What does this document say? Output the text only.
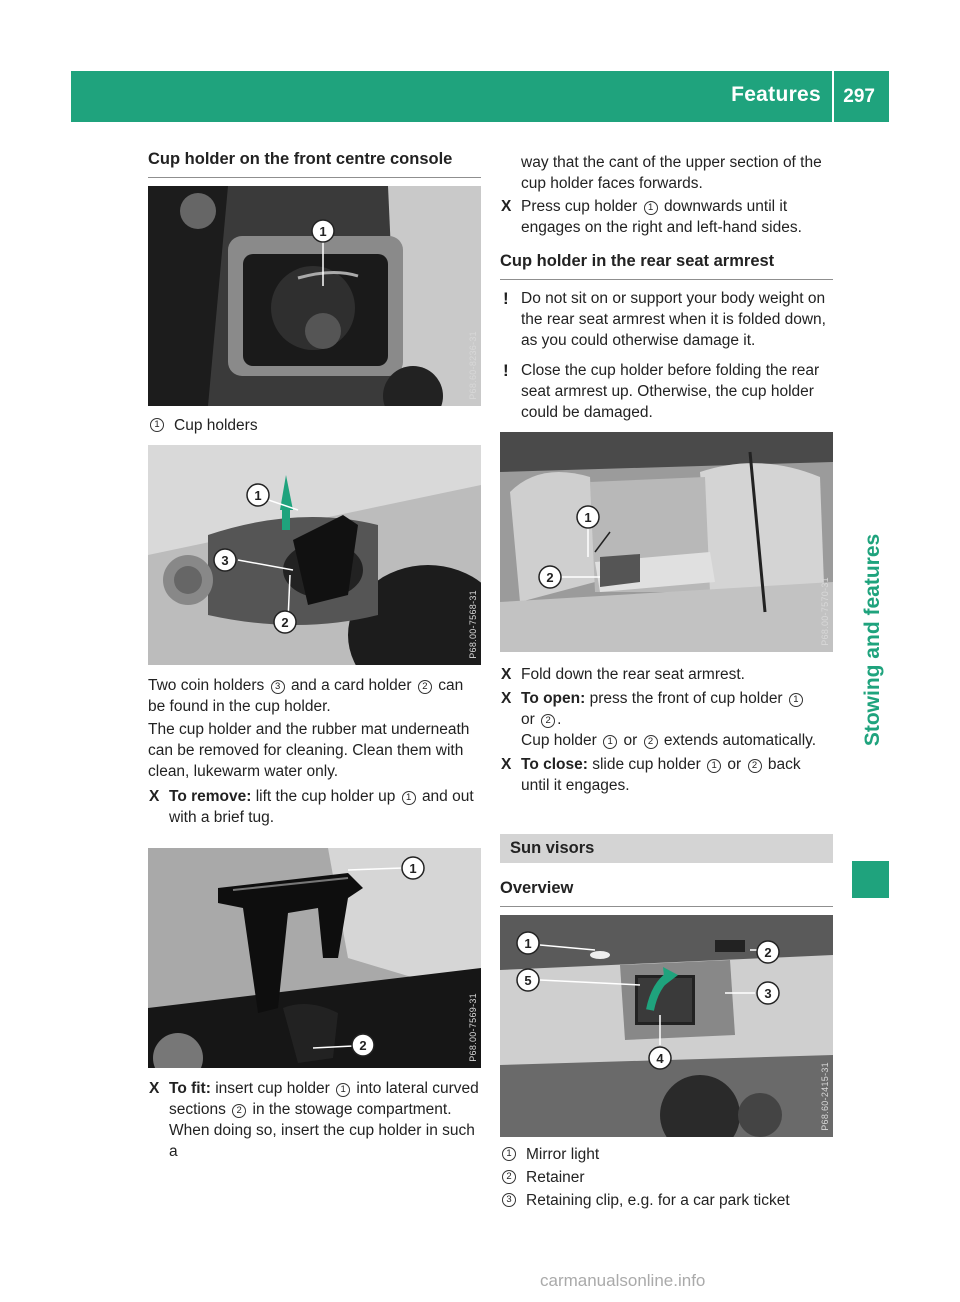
Features 297
Stowing and features
Cup holder on the front centre console
1
P68.60-8236-31
1 Cup holders
1
3
2	P68.00-7568-31

Two coin holders 3 and a card holder 2 can be found in the cup holder.

The cup holder and the rubber mat underneath can be removed for cleaning. Clean them with clean, lukewarm water only.

X To remove: lift the cup holder up 1 and out with a brief tug.
1
2	P68.00-7569-31
X To fit: insert cup holder 1 into lateral curved sections 2 in the stowage compartment. When doing so, insert the cup holder in such a

way that the cant of the upper section of the cup holder faces forwards.

X Press cup holder 1 downwards until it engages on the right and left-hand sides.
Cup holder in the rear seat armrest
! Do not sit on or support your body weight on the rear seat armrest when it is folded down, as you could otherwise damage it.
! Close the cup holder before folding the rear seat armrest up. Otherwise, the cup holder could be damaged.
1
2	P68.00-7570-31
X Fold down the rear seat armrest.
X To open: press the front of cup holder 1
or 2 .
Cup holder 1 or 2 extends automatically.
X To close: slide cup holder 1 or 2 back until it engages.
Sun visors
Overview
1
2
5
3
4
P68.60-2415-31
1 Mirror light
2 Retainer
3 Retaining clip, e.g. for a car park ticket
carmanualsonline.info
